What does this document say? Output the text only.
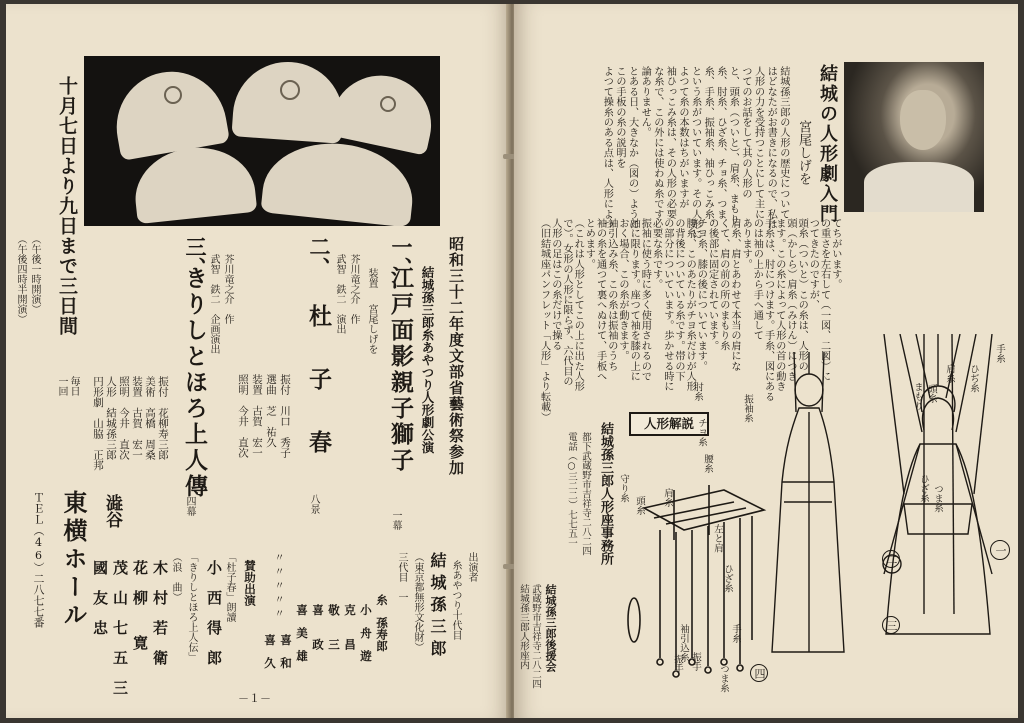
十月七日より九日まで三日間
（午後一時開演）
（午後四時半開演）	昭和三十二年度文部省藝術祭参加
結城孫三郎糸あやつり人形劇公演
一、
江戸面影親子獅子
一幕
装置
宮尾しげを
芥川竜之介　作
武智　鉄二　演出
二、
杜子春
八景
振付　川口　秀子
選曲　芝　祐久
装置　古賀　宏一
照明　今井　直次
芥川竜之介　作
武智　鉄二　企画演出
三、
きりしとほろ上人傳
四幕
振付　花柳寿三郎
美術　高橋　周桑
装置　古賀　宏一
照明　今井　直次
人形　結城孫三郎
円形劇　山脇　正邦
毎日
一回
出演者
糸あやつり十代目
結城孫三郎
（東京都無形文化財）
三代目　一
糸　孫寿郎
小　舟　遊
克　　昌
敬　　三
喜　　政
喜　美　雄
喜　和
喜　久
〃〃〃〃〃
賛助出演
「杜子春」朗讀
小　西　得　郎
「きりしとほろ上人伝」
（浪　曲）
木　村　若　衛
花　柳　　寛
茂　山　七　五　三
國　友　忠
東横ホール 澁谷
ＴＥＬ（46）二八七七番
－１－
結城の人形劇入門
宮尾しげを
結城孫三郎の人形の歴史について
はどなたがお書きになるので、私は
人形の力を受持つことにして主に
つてのお話をして其の人形の
と、頭糸（ついと）、肩糸、まもり
糸、肘糸、ひざ糸、チョ糸、つま
糸、手糸、振袖糸、袖ひっこみ糸、
という糸がついています。その人形に
よつて糸の本数はちがいますが
袖ひっこみ糸は、その人形の必要
な糸で、この外には使わぬ糸です
論ありません。
とある日、大きなか（図の）ように
この手板の糸の説明を
よつて操糸のある点は、人形によつ
てちがいます。
の重さを左右して（一図、二図）に
つてきたのですが、
頭糸（ついと）この糸は、人形の
頭（かしら）肩糸（みけん）につき
ます。この糸によって人形の首の動き
手糸は、肘につけます。手糸、図にある
のは袖の上から手へ通して
あります。
肩糸、肩とあわせて本当の肩にな
くて、肩の前の所のまもり糸
の後部に固定されています。
チヨ糸、膝の後についています。
腰糸、このあたりがチヨ糸だけが人形
の背後についている糸です。帯の下
の部分についています。歩かせる時に
必要な糸です。
振袖に使う時に多く使用されるので
袖に限ります。座つて袖を膝の上に
おく場合、この糸が動きます。
袖引込み糸、この糸は振袖のうち
袖の糸を通つて裏へぬけて、手板へ
とめます。
（これは人形としてこの上に出た人形
で）。女形の人形に限らず、六代目の
人形の足はこの糸だけで操る
（旧結城座パンフレット「人形」より転載）
結城孫三郎人形座事務所
都下武蔵野市吉祥寺二八二四
電話（○三二二）七七五一
結城孫三郎後援会
武蔵野市吉祥寺二八二四
結城孫三郎人形座内
人形解説
二
三
四
一
守り糸
肘糸
チヨ糸
腰糸
ひざ糸
手糸
頭糸 肩糸
左と肩
振袖糸
袖引込糸
つま糸
振手
振手
手糸
ひぢ糸
肩糸
頭糸
まもり
ひざ糸 つま糸
